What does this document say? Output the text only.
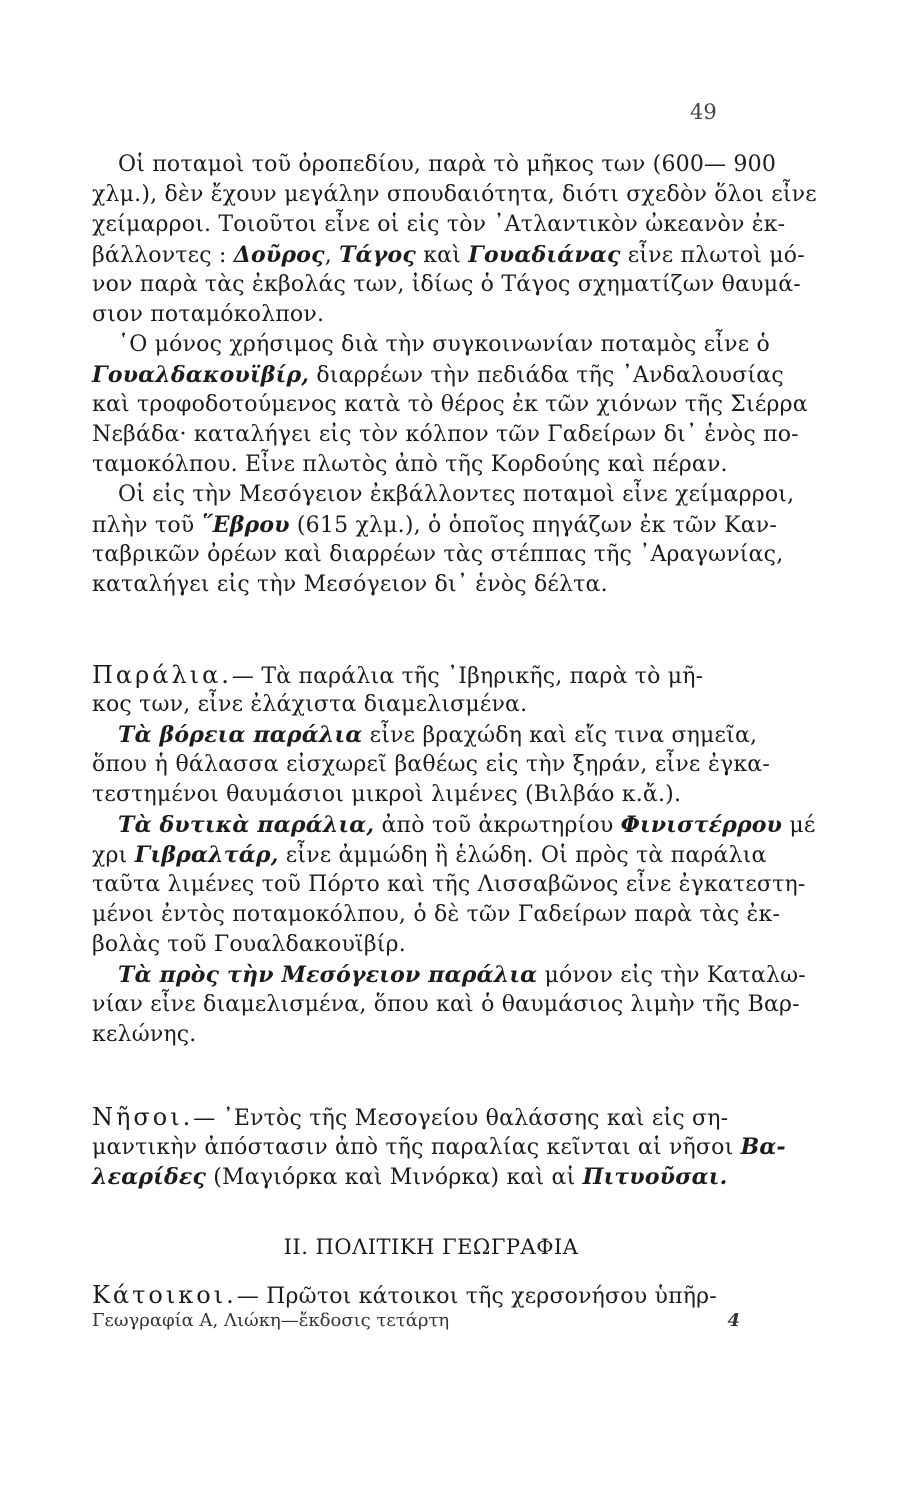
49
Οἱ ποταμοὶ τοῦ ὀροπεδίου, παρὰ τὸ μῆκος των (600— 900
χλμ.), δὲν ἔχουν μεγάλην σπουδαιότητα, διότι σχεδὸν ὅλοι εἶνε
χείμαρροι. Τοιοῦτοι εἶνε οἱ εἰς τὸν ᾽Ατλαντικὸν ὠκεανὸν ἐκ-
βάλλοντες : Δοῦρος, Τάγος καὶ Γουαδιάνας εἶνε πλωτοὶ μό-
νον παρὰ τὰς ἐκβολάς των, ἰδίως ὁ Τάγος σχηματίζων θαυμά-
σιον ποταμόκολπον.
῾Ο μόνος χρήσιμος διὰ τὴν συγκοινωνίαν ποταμὸς εἶνε ὁ
Γουαλδακουϊβίρ, διαρρέων τὴν πεδιάδα τῆς ᾽Ανδαλουσίας
καὶ τροφοδοτούμενος κατὰ τὸ θέρος ἐκ τῶν χιόνων τῆς Σιέρρα
Νεβάδα· καταλήγει εἰς τὸν κόλπον τῶν Γαδείρων δι᾽ ἑνὸς πο-
ταμοκόλπου. Εἶνε πλωτὸς ἀπὸ τῆς Κορδούης καὶ πέραν.
Οἱ εἰς τὴν Μεσόγειον ἐκβάλλοντες ποταμοὶ εἶνε χείμαρροι,
πλὴν τοῦ ῞Εβρου (615 χλμ.), ὁ ὁποῖος πηγάζων ἐκ τῶν Καν-
ταβρικῶν ὀρέων καὶ διαρρέων τὰς στέππας τῆς ᾽Αραγωνίας,
καταλήγει εἰς τὴν Μεσόγειον δι᾽ ἑνὸς δέλτα.
Παράλια.— Τὰ παράλια τῆς ᾽Ιβηρικῆς, παρὰ τὸ μῆ-
κος των, εἶνε ἐλάχιστα διαμελισμένα.
Τὰ βόρεια παράλια εἶνε βραχώδη καὶ εἴς τινα σημεῖα,
ὅπου ἡ θάλασσα εἰσχωρεῖ βαθέως εἰς τὴν ξηράν, εἶνε ἐγκα-
τεστημένοι θαυμάσιοι μικροὶ λιμένες (Βιλβάο κ.ἄ.).
Τὰ δυτικὰ παράλια, ἀπὸ τοῦ ἀκρωτηρίου Φινιστέρρου μέ
χρι Γιβραλτάρ, εἶνε ἀμμώδη ἢ ἑλώδη. Οἱ πρὸς τὰ παράλια
ταῦτα λιμένες τοῦ Πόρτο καὶ τῆς Λισσαβῶνος εἶνε ἐγκατεστη-
μένοι ἐντὸς ποταμοκόλπου, ὁ δὲ τῶν Γαδείρων παρὰ τὰς ἐκ-
βολὰς τοῦ Γουαλδακουϊβίρ.
Τὰ πρὸς τὴν Μεσόγειον παράλια μόνον εἰς τὴν Καταλω-
νίαν εἶνε διαμελισμένα, ὅπου καὶ ὁ θαυμάσιος λιμὴν τῆς Βαρ-
κελώνης.
Νῆσοι.— ᾽Εντὸς τῆς Μεσογείου θαλάσσης καὶ εἰς ση-
μαντικὴν ἀπόστασιν ἀπὸ τῆς παραλίας κεῖνται αἱ νῆσοι Βα-
λεαρίδες (Μαγιόρκα καὶ Μινόρκα) καὶ αἱ Πιτυοῦσαι.
ΙΙ. ΠΟΛΙΤΙΚΗ ΓΕΩΓΡΑΦΙΑ
Κάτοικοι.— Πρῶτοι κάτοικοι τῆς χερσονήσου ὑπῆρ-
Γεωγραφία Α, Λιώκη—ἔκδοσις τετάρτη	4
